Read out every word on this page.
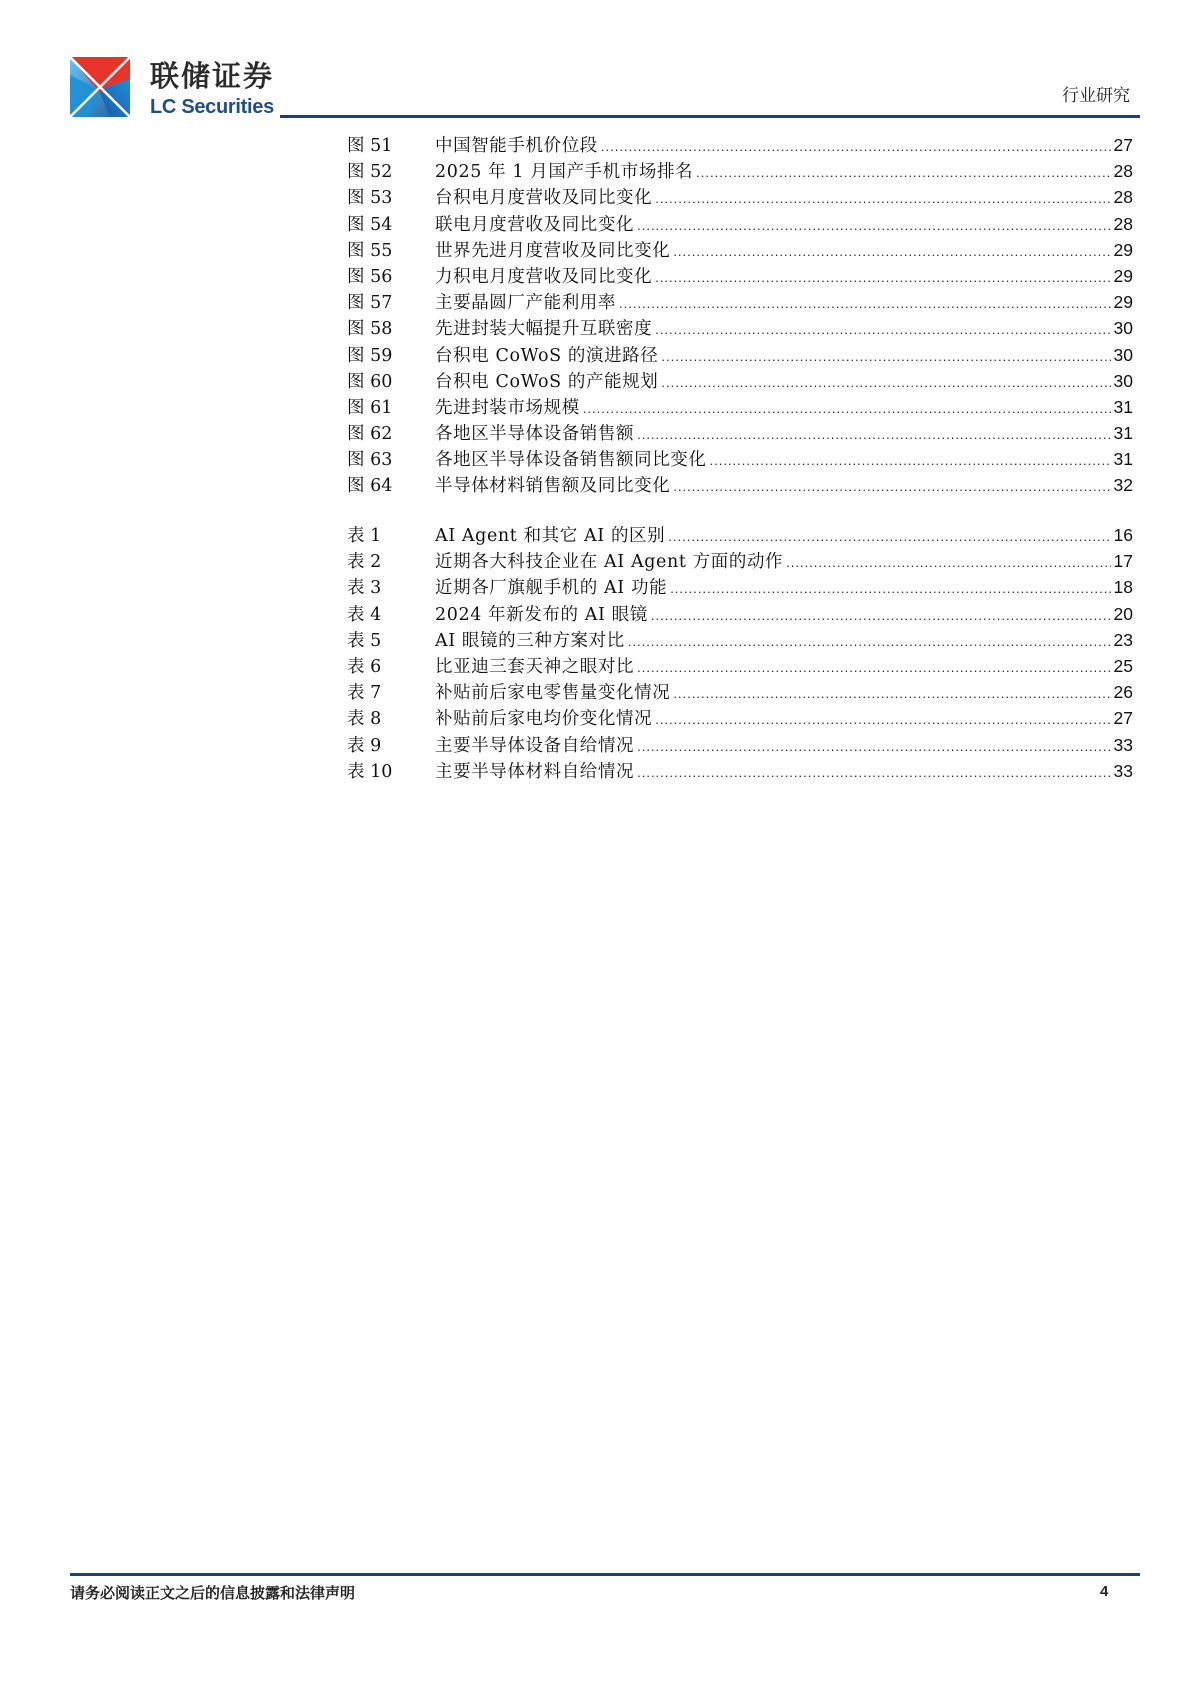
联储证券
LC Securities	行业研究
图 51	中国智能手机价位段 .....	27
图 52	2025 年 1 月国产手机市场排名 .....	28
图 53	台积电月度营收及同比变化 .....	28
图 54	联电月度营收及同比变化 .....	28
图 55	世界先进月度营收及同比变化 .....	29
图 56	力积电月度营收及同比变化 .....	29
图 57	主要晶圆厂产能利用率 .....	29
图 58	先进封装大幅提升互联密度 .....	30
图 59	台积电 CoWoS 的演进路径 .....	30
图 60	台积电 CoWoS 的产能规划 .....	30
图 61	先进封装市场规模 .....	31
图 62	各地区半导体设备销售额 .....	31
图 63	各地区半导体设备销售额同比变化 .....	31
图 64	半导体材料销售额及同比变化 .....	32
表 1	AI Agent 和其它 AI 的区别 .....	16
表 2	近期各大科技企业在 AI Agent 方面的动作 .....	17
表 3	近期各厂旗舰手机的 AI 功能 .....	18
表 4	2024 年新发布的 AI 眼镜 .....	20
表 5	AI 眼镜的三种方案对比 .....	23
表 6	比亚迪三套天神之眼对比 .....	25
表 7	补贴前后家电零售量变化情况 .....	26
表 8	补贴前后家电均价变化情况 .....	27
表 9	主要半导体设备自给情况 .....	33
表 10	主要半导体材料自给情况 .....	33
请务必阅读正文之后的信息披露和法律声明	4
